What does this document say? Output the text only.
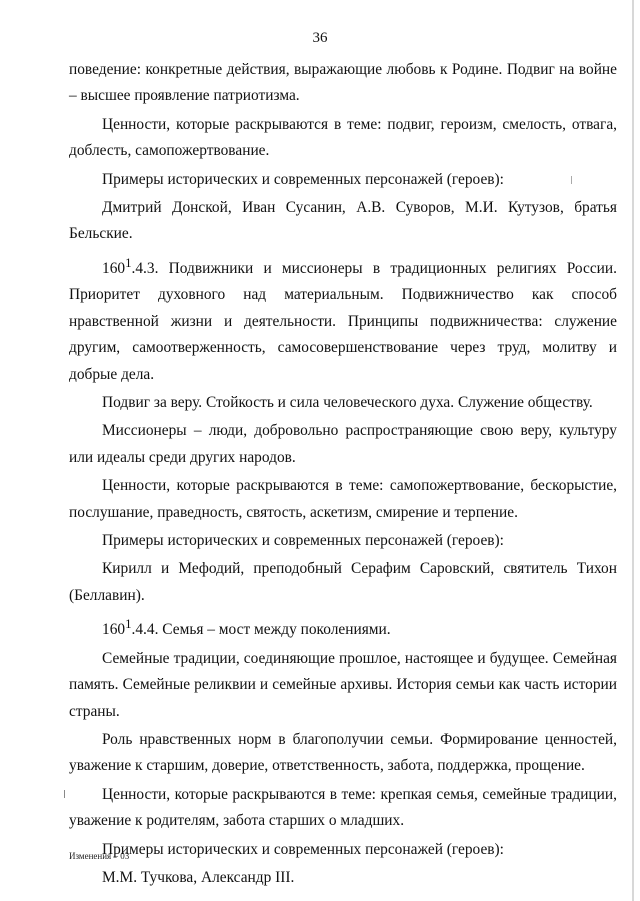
36

поведение: конкретные действия, выражающие любовь к Родине. Подвиг на войне – высшее проявление патриотизма.

Ценности, которые раскрываются в теме: подвиг, героизм, смелость, отвага, доблесть, самопожертвование.

Примеры исторических и современных персонажей (героев):

Дмитрий Донской, Иван Сусанин, А.В. Суворов, М.И. Кутузов, братья Бельские.

$160^1.4.3$. Подвижники и миссионеры в традиционных религиях России. Приоритет духовного над материальным. Подвижничество как способ нравственной жизни и деятельности. Принципы подвижничества: служение другим, самоотверженность, самосовершенствование через труд, молитву и добрые дела.

Подвиг за веру. Стойкость и сила человеческого духа. Служение обществу.

Миссионеры – люди, добровольно распространяющие свою веру, культуру или идеалы среди других народов.

Ценности, которые раскрываются в теме: самопожертвование, бескорыстие, послушание, праведность, святость, аскетизм, смирение и терпение.

Примеры исторических и современных персонажей (героев):

Кирилл и Мефодий, преподобный Серафим Саровский, святитель Тихон (Беллавин).

$160^1.4.4$. Семья – мост между поколениями.

Семейные традиции, соединяющие прошлое, настоящее и будущее. Семейная память. Семейные реликвии и семейные архивы. История семьи как часть истории страны.

Роль нравственных норм в благополучии семьи. Формирование ценностей, уважение к старшим, доверие, ответственность, забота, поддержка, прощение.

Ценности, которые раскрываются в теме: крепкая семья, семейные традиции, уважение к родителям, забота старших о младших.

Примеры исторических и современных персонажей (героев):

М.М. Тучкова, Александр III.

Изменения – 03
